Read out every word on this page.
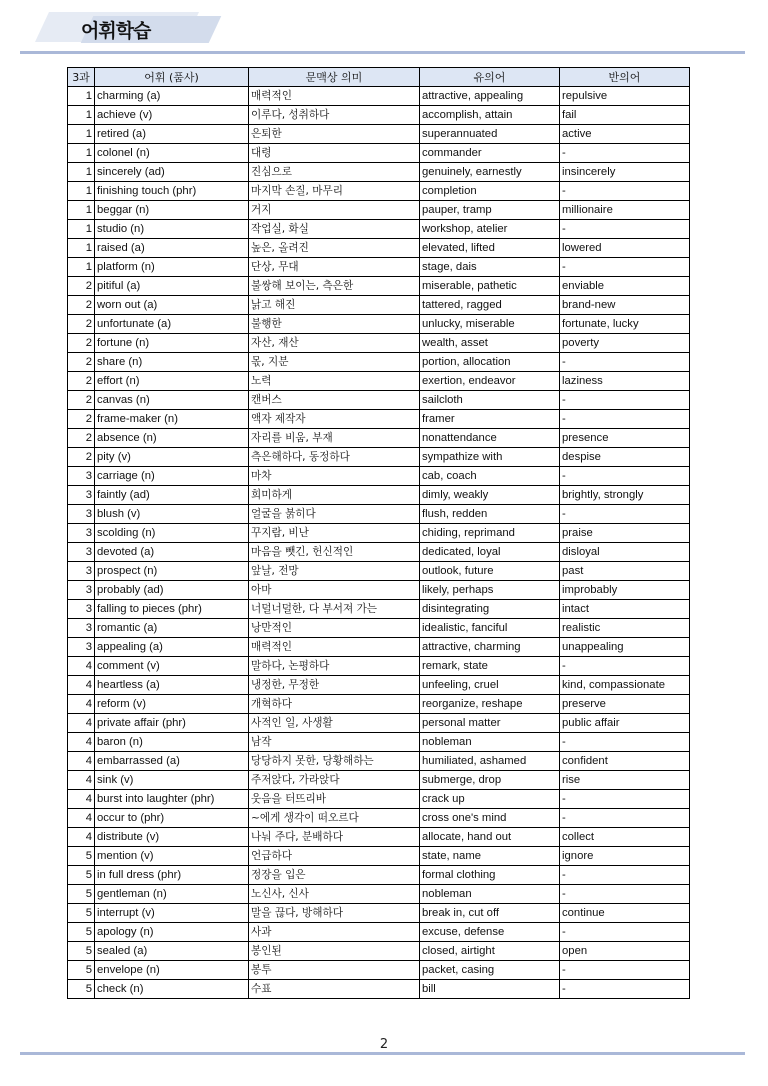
어휘학습
3과	어휘 (품사)	문맥상 의미	유의어	반의어
1	charming (a)	매력적인	attractive, appealing	repulsive
1	achieve (v)	이루다, 성취하다	accomplish, attain	fail
1	retired (a)	은퇴한	superannuated	active
1	colonel (n)	대령	commander	-
1	sincerely (ad)	진심으로	genuinely, earnestly	insincerely
1	finishing touch (phr)	마지막 손질, 마무리	completion	-
1	beggar (n)	거지	pauper, tramp	millionaire
1	studio (n)	작업실, 화실	workshop, atelier	-
1	raised (a)	높은, 올려진	elevated, lifted	lowered
1	platform (n)	단상, 무대	stage, dais	-
2	pitiful (a)	불쌍해 보이는, 측은한	miserable, pathetic	enviable
2	worn out (a)	낡고 해진	tattered, ragged	brand-new
2	unfortunate (a)	불행한	unlucky, miserable	fortunate, lucky
2	fortune (n)	자산, 재산	wealth, asset	poverty
2	share (n)	몫, 지분	portion, allocation	-
2	effort (n)	노력	exertion, endeavor	laziness
2	canvas (n)	캔버스	sailcloth	-
2	frame-maker (n)	액자 제작자	framer	-
2	absence (n)	자리를 비움, 부재	nonattendance	presence
2	pity (v)	측은해하다, 동정하다	sympathize with	despise
3	carriage (n)	마차	cab, coach	-
3	faintly (ad)	희미하게	dimly, weakly	brightly, strongly
3	blush (v)	얼굴을 붉히다	flush, redden	-
3	scolding (n)	꾸지람, 비난	chiding, reprimand	praise
3	devoted (a)	마음을 뺏긴, 헌신적인	dedicated, loyal	disloyal
3	prospect (n)	앞날, 전망	outlook, future	past
3	probably (ad)	아마	likely, perhaps	improbably
3	falling to pieces (phr)	너덜너덜한, 다 부서져 가는	disintegrating	intact
3	romantic (a)	낭만적인	idealistic, fanciful	realistic
3	appealing (a)	매력적인	attractive, charming	unappealing
4	comment (v)	말하다, 논평하다	remark, state	-
4	heartless (a)	냉정한, 무정한	unfeeling, cruel	kind, compassionate
4	reform (v)	개혁하다	reorganize, reshape	preserve
4	private affair (phr)	사적인 일, 사생활	personal matter	public affair
4	baron (n)	남작	nobleman	-
4	embarrassed (a)	당당하지 못한, 당황해하는	humiliated, ashamed	confident
4	sink (v)	주저앉다, 가라앉다	submerge, drop	rise
4	burst into laughter (phr)	웃음을 터뜨리바	crack up	-
4	occur to (phr)	~에게 생각이 떠오르다	cross one's mind	-
4	distribute (v)	나눠 주다, 분배하다	allocate, hand out	collect
5	mention (v)	언급하다	state, name	ignore
5	in full dress (phr)	정장을 입은	formal clothing	-
5	gentleman (n)	노신사, 신사	nobleman	-
5	interrupt (v)	말을 끊다, 방해하다	break in, cut off	continue
5	apology (n)	사과	excuse, defense	-
5	sealed (a)	봉인된	closed, airtight	open
5	envelope (n)	봉투	packet, casing	-
5	check (n)	수표	bill	-
2
